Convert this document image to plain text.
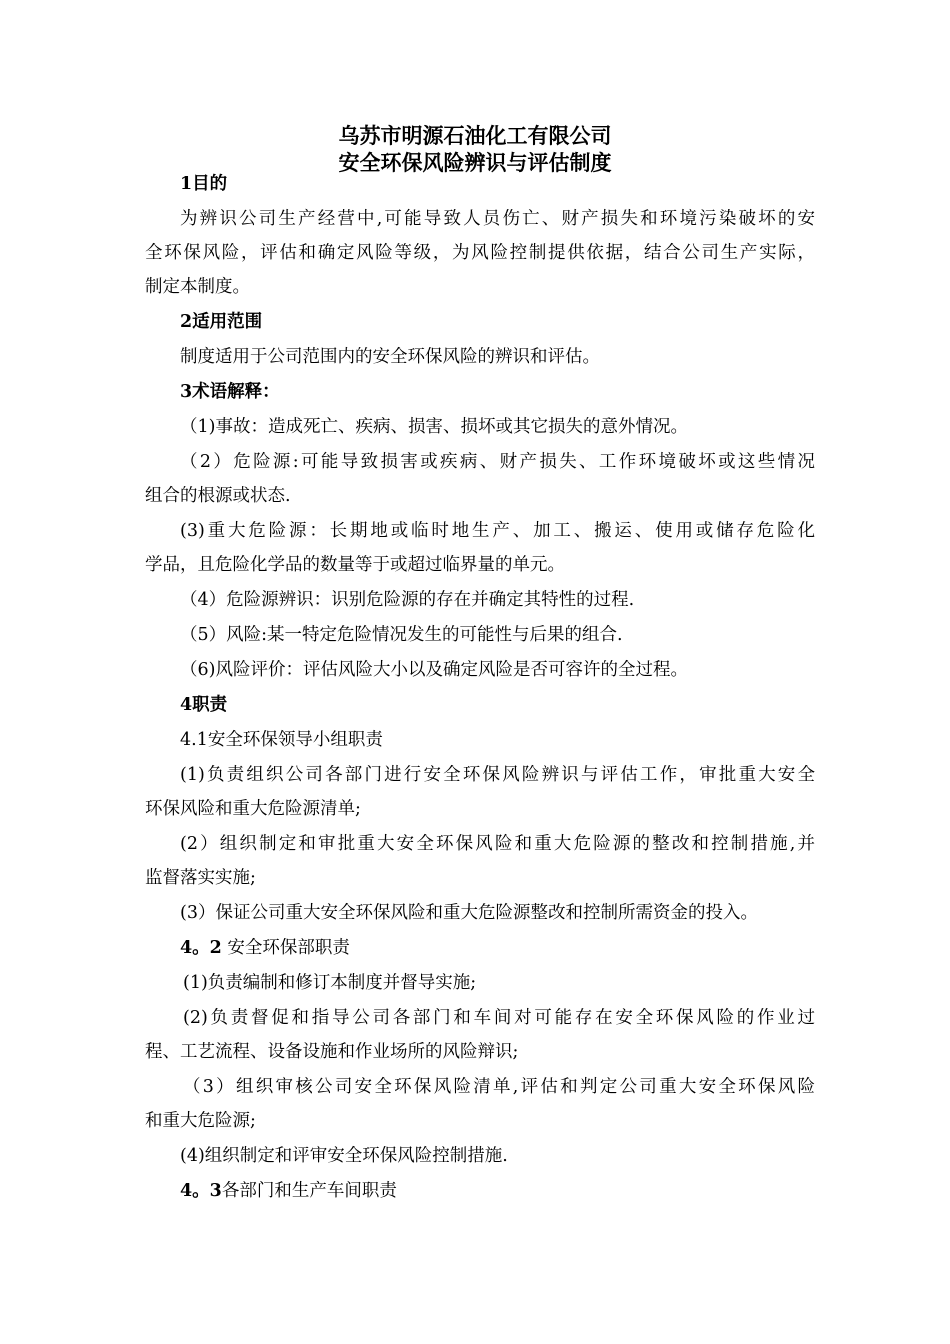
乌苏市明源石油化工有限公司
安全环保风险辨识与评估制度

1目的

为辨识公司生产经营中,可能导致人员伤亡、财产损失和环境污染破坏的安

全环保风险，评估和确定风险等级，为风险控制提供依据，结合公司生产实际，

制定本制度。

2适用范围

制度适用于公司范围内的安全环保风险的辨识和评估。

3术语解释：

（1)事故：造成死亡、疾病、损害、损坏或其它损失的意外情况。

（2）危险源:可能导致损害或疾病、财产损失、工作环境破坏或这些情况

组合的根源或状态.

(3)重大危险源：长期地或临时地生产、加工、搬运、使用或储存危险化

学品，且危险化学品的数量等于或超过临界量的单元。

（4）危险源辨识：识别危险源的存在并确定其特性的过程.

（5）风险:某一特定危险情况发生的可能性与后果的组合.

（6)风险评价：评估风险大小以及确定风险是否可容许的全过程。

4职责

4.1安全环保领导小组职责

(1)负责组织公司各部门进行安全环保风险辨识与评估工作，审批重大安全

环保风险和重大危险源清单;

(2）组织制定和审批重大安全环保风险和重大危险源的整改和控制措施,并

监督落实实施;

(3）保证公司重大安全环保风险和重大危险源整改和控制所需资金的投入。

4。2 安全环保部职责

(1)负责编制和修订本制度并督导实施;

(2)负责督促和指导公司各部门和车间对可能存在安全环保风险的作业过

程、工艺流程、设备设施和作业场所的风险辩识;

（3）组织审核公司安全环保风险清单,评估和判定公司重大安全环保风险

和重大危险源;

(4)组织制定和评审安全环保风险控制措施.

4。3各部门和生产车间职责
